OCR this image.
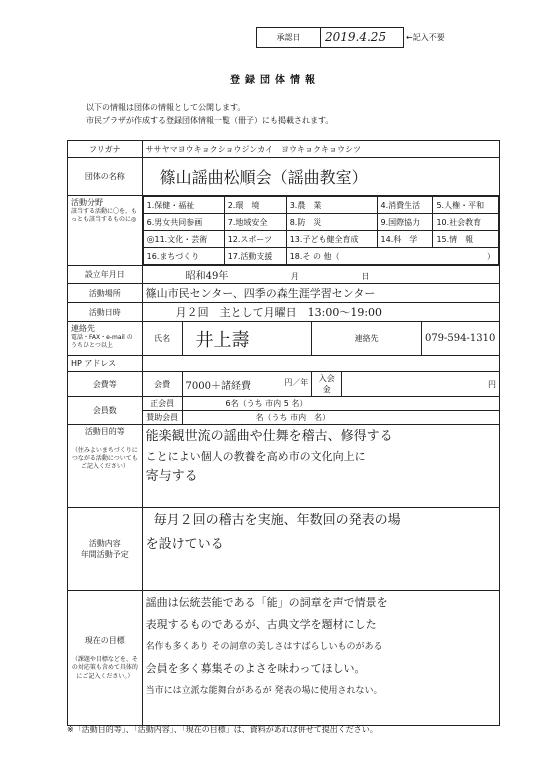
承認日	2019.4.25 ←記入不要
登録団体情報
以下の情報は団体の情報として公開します。
市民プラザが作成する登録団体情報一覧（冊子）にも掲載されます。
フリガナ	ササヤマヨウキョクショウジンカイ　ヨウキョクキョウシツ
団体の名称	篠山謡曲松順会（謡曲教室）

活動分野
該当する活動に〇を、もっとも該当するものに◎

1.保健・福祉	2.環　境	3.農　業	4.消費生活	5.人権・平和
6.男女共同参画	7.地域安全	8.防　災	9.国際協力	10.社会教育
◎11.文化・芸術	12.スポーツ	13.子ども健全育成	14.科　学	15.情　報
16.まちづくり	17.活動支援	18.そ の 他（	）

設立年月日	昭和49年	月	日
活動場所	篠山市民センター、四季の森生涯学習センター
活動日時	月２回　主として月曜日　13:00～19:00

連絡先
電話・FAX・e-mail のうちひとつ以上
	氏名	井上壽	連絡先	079-594-1310
HP アドレス	
会費等	会費	7000＋諸経費	円／年	入会金	円
会員数	正会員	6名（うち 市内 5 名）
賛助会員	名（うち 市内　名）

活動目的等
（住みよいまちづくりにつながる活動についてもご記入ください）

能楽観世流の謡曲や仕舞を稽古、修得する
ことによい個人の教養を高め市の文化向上に
寄与する

活動内容
年間活動予定	
毎月２回の稽古を実施、年数回の発表の場
を設けている

現在の目標
（課題や目標などを、その対応策も含めて具体的にご記入ください。）

謡曲は伝統芸能である「能」の詞章を声で情景を
表現するものであるが、古典文学を題材にした
名作も多くあり その詞章の美しさはすばらしいものがある
会員を多く募集そのよさを味わってほしい。
当市には立派な能舞台があるが 発表の場に使用されない。
※「活動目的等」、「活動内容」、「現在の目標」は、資料があれば併せて提出ください。
